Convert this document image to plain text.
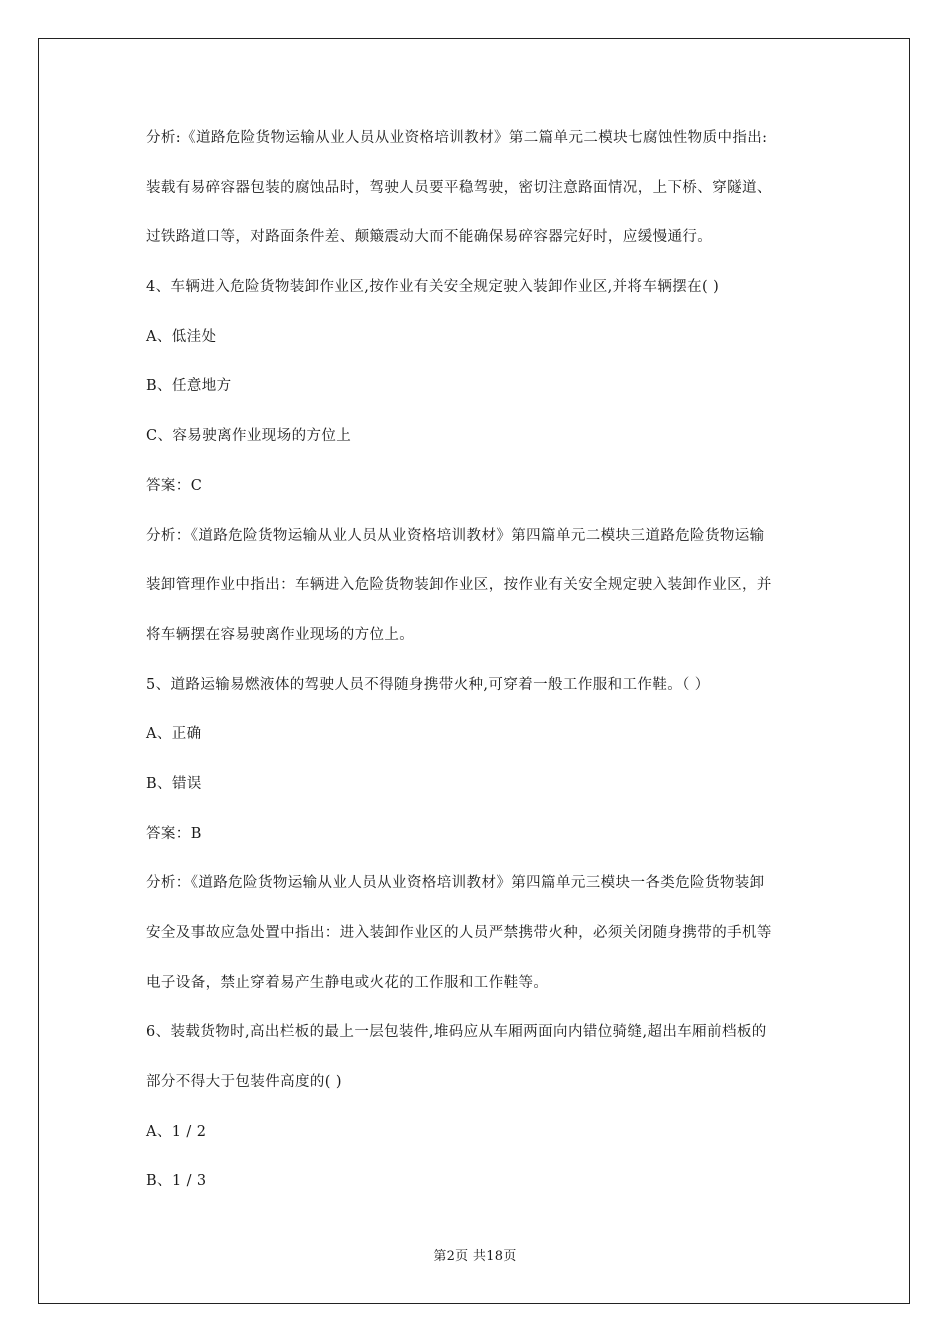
分析:《道路危险货物运输从业人员从业资格培训教材》第二篇单元二模块七腐蚀性物质中指出:
装载有易碎容器包装的腐蚀品时，驾驶人员要平稳驾驶，密切注意路面情况，上下桥、穿隧道、
过铁路道口等，对路面条件差、颠簸震动大而不能确保易碎容器完好时，应缓慢通行。
4、车辆进入危险货物装卸作业区,按作业有关安全规定驶入装卸作业区,并将车辆摆在( )
A、低洼处
B、任意地方
C、容易驶离作业现场的方位上
答案：C
分析：《道路危险货物运输从业人员从业资格培训教材》第四篇单元二模块三道路危险货物运输
装卸管理作业中指出：车辆进入危险货物装卸作业区，按作业有关安全规定驶入装卸作业区，并
将车辆摆在容易驶离作业现场的方位上。
5、道路运输易燃液体的驾驶人员不得随身携带火种,可穿着一般工作服和工作鞋。（ ）
A、正确
B、错误
答案：B
分析：《道路危险货物运输从业人员从业资格培训教材》第四篇单元三模块一各类危险货物装卸
安全及事故应急处置中指出：进入装卸作业区的人员严禁携带火种，必须关闭随身携带的手机等
电子设备，禁止穿着易产生静电或火花的工作服和工作鞋等。
6、装载货物时,高出栏板的最上一层包装件,堆码应从车厢两面向内错位骑缝,超出车厢前档板的
部分不得大于包装件高度的( )
A、1 / 2
B、1 / 3
第2页 共18页
